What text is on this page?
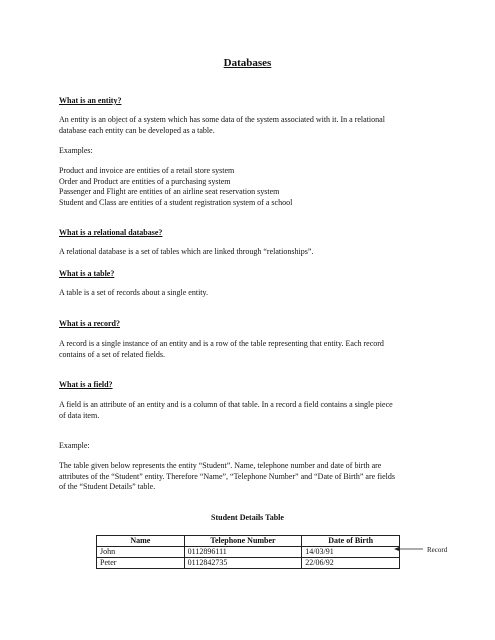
Databases
What is an entity?
An entity is an object of a system which has some data of the system associated with it. In a relational
database each entity can be developed as a table.
Examples:
Product and invoice are entities of a retail store system
Order and Product are entities of a purchasing system
Passenger and Flight are entities of an airline seat reservation system
Student and Class are entities of a student registration system of a school
What is a relational database?
A relational database is a set of tables which are linked through “relationships”.
What is a table?
A table is a set of records about a single entity.
What is a record?
A record is a single instance of an entity and is a row of the table representing that entity. Each record
contains of a set of related fields.
What is a field?
A field is an attribute of an entity and is a column of that table. In a record a field contains a single piece
of data item.
Example:
The table given below represents the entity “Student”. Name, telephone number and date of birth are
attributes of the “Student” entity. Therefore “Name”, “Telephone Number” and “Date of Birth” are fields
of the “Student Details” table.
Student Details Table
Name	Telephone Number	Date of Birth
John	0112896111	14/03/91
Peter	0112842735	22/06/92
Record
